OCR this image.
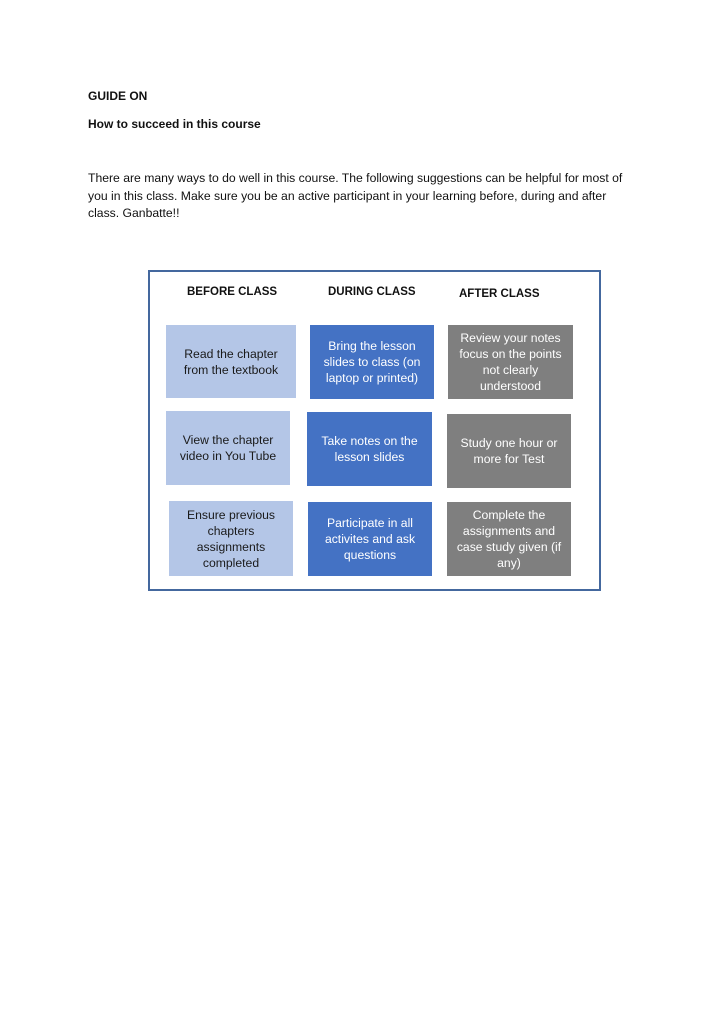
GUIDE ON

How to succeed in this course

There are many ways to do well in this course. The following suggestions can be helpful for most of you in this class. Make sure you be an active participant in your learning before, during and after class. Ganbatte!!

BEFORE CLASS	DURING CLASS	AFTER CLASS
Read the chapter from the textbook
View the chapter video in You Tube
Ensure previous chapters assignments completed
Bring the lesson slides to class (on laptop or printed)
Take notes on the lesson slides
Participate in all activites and ask questions
Review your notes focus on the points not clearly understood
Study one hour or more for Test
Complete the assignments and case study given (if any)
